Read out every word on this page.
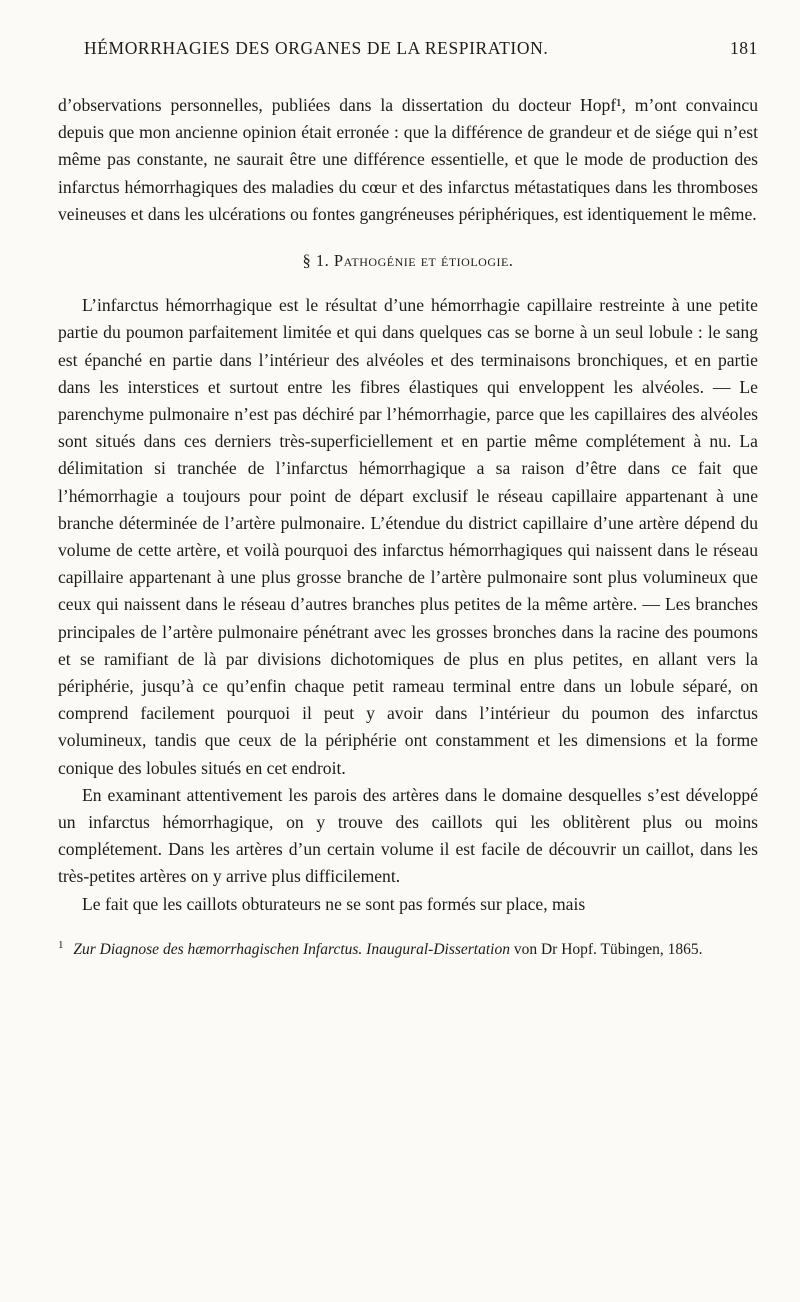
HÉMORRHAGIES DES ORGANES DE LA RESPIRATION.	181

d’observations personnelles, publiées dans la dissertation du docteur Hopf¹, m’ont convaincu depuis que mon ancienne opinion était erronée : que la différence de grandeur et de siége qui n’est même pas constante, ne saurait être une différence essentielle, et que le mode de production des infarctus hémorrhagiques des maladies du cœur et des infarctus métastatiques dans les thromboses veineuses et dans les ulcérations ou fontes gangréneuses périphériques, est identiquement le même.

§ 1. Pathogénie et étiologie.

L’infarctus hémorrhagique est le résultat d’une hémorrhagie capillaire restreinte à une petite partie du poumon parfaitement limitée et qui dans quelques cas se borne à un seul lobule : le sang est épanché en partie dans l’intérieur des alvéoles et des terminaisons bronchiques, et en partie dans les interstices et surtout entre les fibres élastiques qui enveloppent les alvéoles. — Le parenchyme pulmonaire n’est pas déchiré par l’hémorrhagie, parce que les capillaires des alvéoles sont situés dans ces derniers très-superficiellement et en partie même complétement à nu. La délimitation si tranchée de l’infarctus hémorrhagique a sa raison d’être dans ce fait que l’hémorrhagie a toujours pour point de départ exclusif le réseau capillaire appartenant à une branche déterminée de l’artère pulmonaire. L’étendue du district capillaire d’une artère dépend du volume de cette artère, et voilà pourquoi des infarctus hémorrhagiques qui naissent dans le réseau capillaire appartenant à une plus grosse branche de l’artère pulmonaire sont plus volumineux que ceux qui naissent dans le réseau d’autres branches plus petites de la même artère. — Les branches principales de l’artère pulmonaire pénétrant avec les grosses bronches dans la racine des poumons et se ramifiant de là par divisions dichotomiques de plus en plus petites, en allant vers la périphérie, jusqu’à ce qu’enfin chaque petit rameau terminal entre dans un lobule séparé, on comprend facilement pourquoi il peut y avoir dans l’intérieur du poumon des infarctus volumineux, tandis que ceux de la périphérie ont constamment et les dimensions et la forme conique des lobules situés en cet endroit.

En examinant attentivement les parois des artères dans le domaine desquelles s’est développé un infarctus hémorrhagique, on y trouve des caillots qui les oblitèrent plus ou moins complétement. Dans les artères d’un certain volume il est facile de découvrir un caillot, dans les très-petites artères on y arrive plus difficilement.

Le fait que les caillots obturateurs ne se sont pas formés sur place, mais

$^1$ Zur Diagnose des hæmorrhagischen Infarctus. Inaugural-Dissertation von Dr Hopf. Tübingen, 1865.
